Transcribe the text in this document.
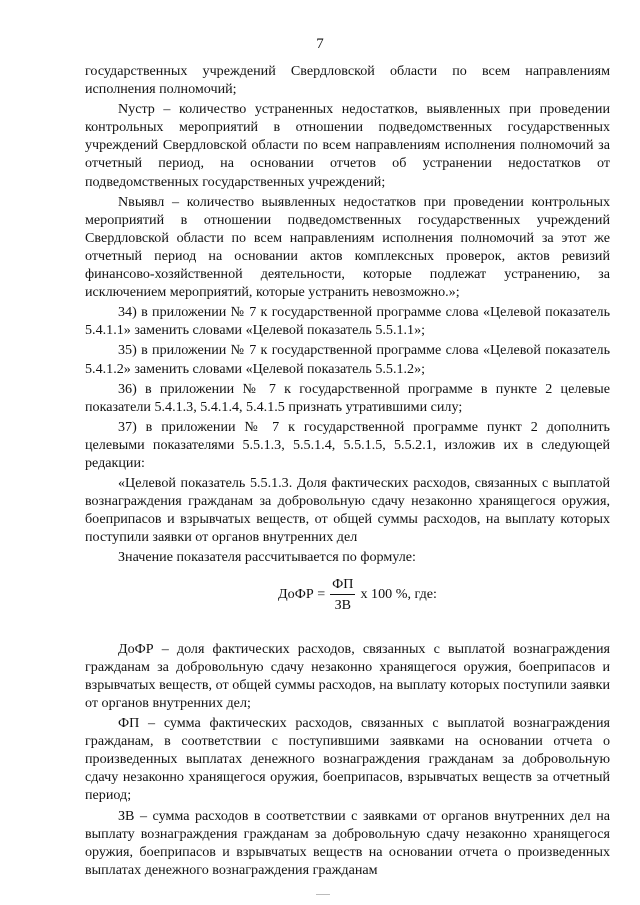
7

государственных учреждений Свердловской области по всем направлениям исполнения полномочий;

Nустр – количество устраненных недостатков, выявленных при проведении контрольных мероприятий в отношении подведомственных государственных учреждений Свердловской области по всем направлениям исполнения полномочий за отчетный период, на основании отчетов об устранении недостатков от подведомственных государственных учреждений;

Nвыявл – количество выявленных недостатков при проведении контрольных мероприятий в отношении подведомственных государственных учреждений Свердловской области по всем направлениям исполнения полномочий за этот же отчетный период на основании актов комплексных проверок, актов ревизий финансово-хозяйственной деятельности, которые подлежат устранению, за исключением мероприятий, которые устранить невозможно.»;

34) в приложении № 7 к государственной программе слова «Целевой показатель 5.4.1.1» заменить словами «Целевой показатель 5.5.1.1»;

35) в приложении № 7 к государственной программе слова «Целевой показатель 5.4.1.2» заменить словами «Целевой показатель 5.5.1.2»;

36) в приложении № 7 к государственной программе в пункте 2 целевые показатели 5.4.1.3, 5.4.1.4, 5.4.1.5 признать утратившими силу;

37) в приложении № 7 к государственной программе пункт 2 дополнить целевыми показателями 5.5.1.3, 5.5.1.4, 5.5.1.5, 5.5.2.1, изложив их в следующей редакции:

«Целевой показатель 5.5.1.3. Доля фактических расходов, связанных с выплатой вознаграждения гражданам за добровольную сдачу незаконно хранящегося оружия, боеприпасов и взрывчатых веществ, от общей суммы расходов, на выплату которых поступили заявки от органов внутренних дел

Значение показателя рассчитывается по формуле:

ДоФР = $\frac{ФП}{ЗВ}$ х 100 %, где:

ДоФР – доля фактических расходов, связанных с выплатой вознаграждения гражданам за добровольную сдачу незаконно хранящегося оружия, боеприпасов и взрывчатых веществ, от общей суммы расходов, на выплату которых поступили заявки от органов внутренних дел;

ФП – сумма фактических расходов, связанных с выплатой вознаграждения гражданам, в соответствии с поступившими заявками на основании отчета о произведенных выплатах денежного вознаграждения гражданам за добровольную сдачу незаконно хранящегося оружия, боеприпасов, взрывчатых веществ за отчетный период;

ЗВ – сумма расходов в соответствии с заявками от органов внутренних дел на выплату вознаграждения гражданам за добровольную сдачу незаконно хранящегося оружия, боеприпасов и взрывчатых веществ на основании отчета о произведенных выплатах денежного вознаграждения гражданам
